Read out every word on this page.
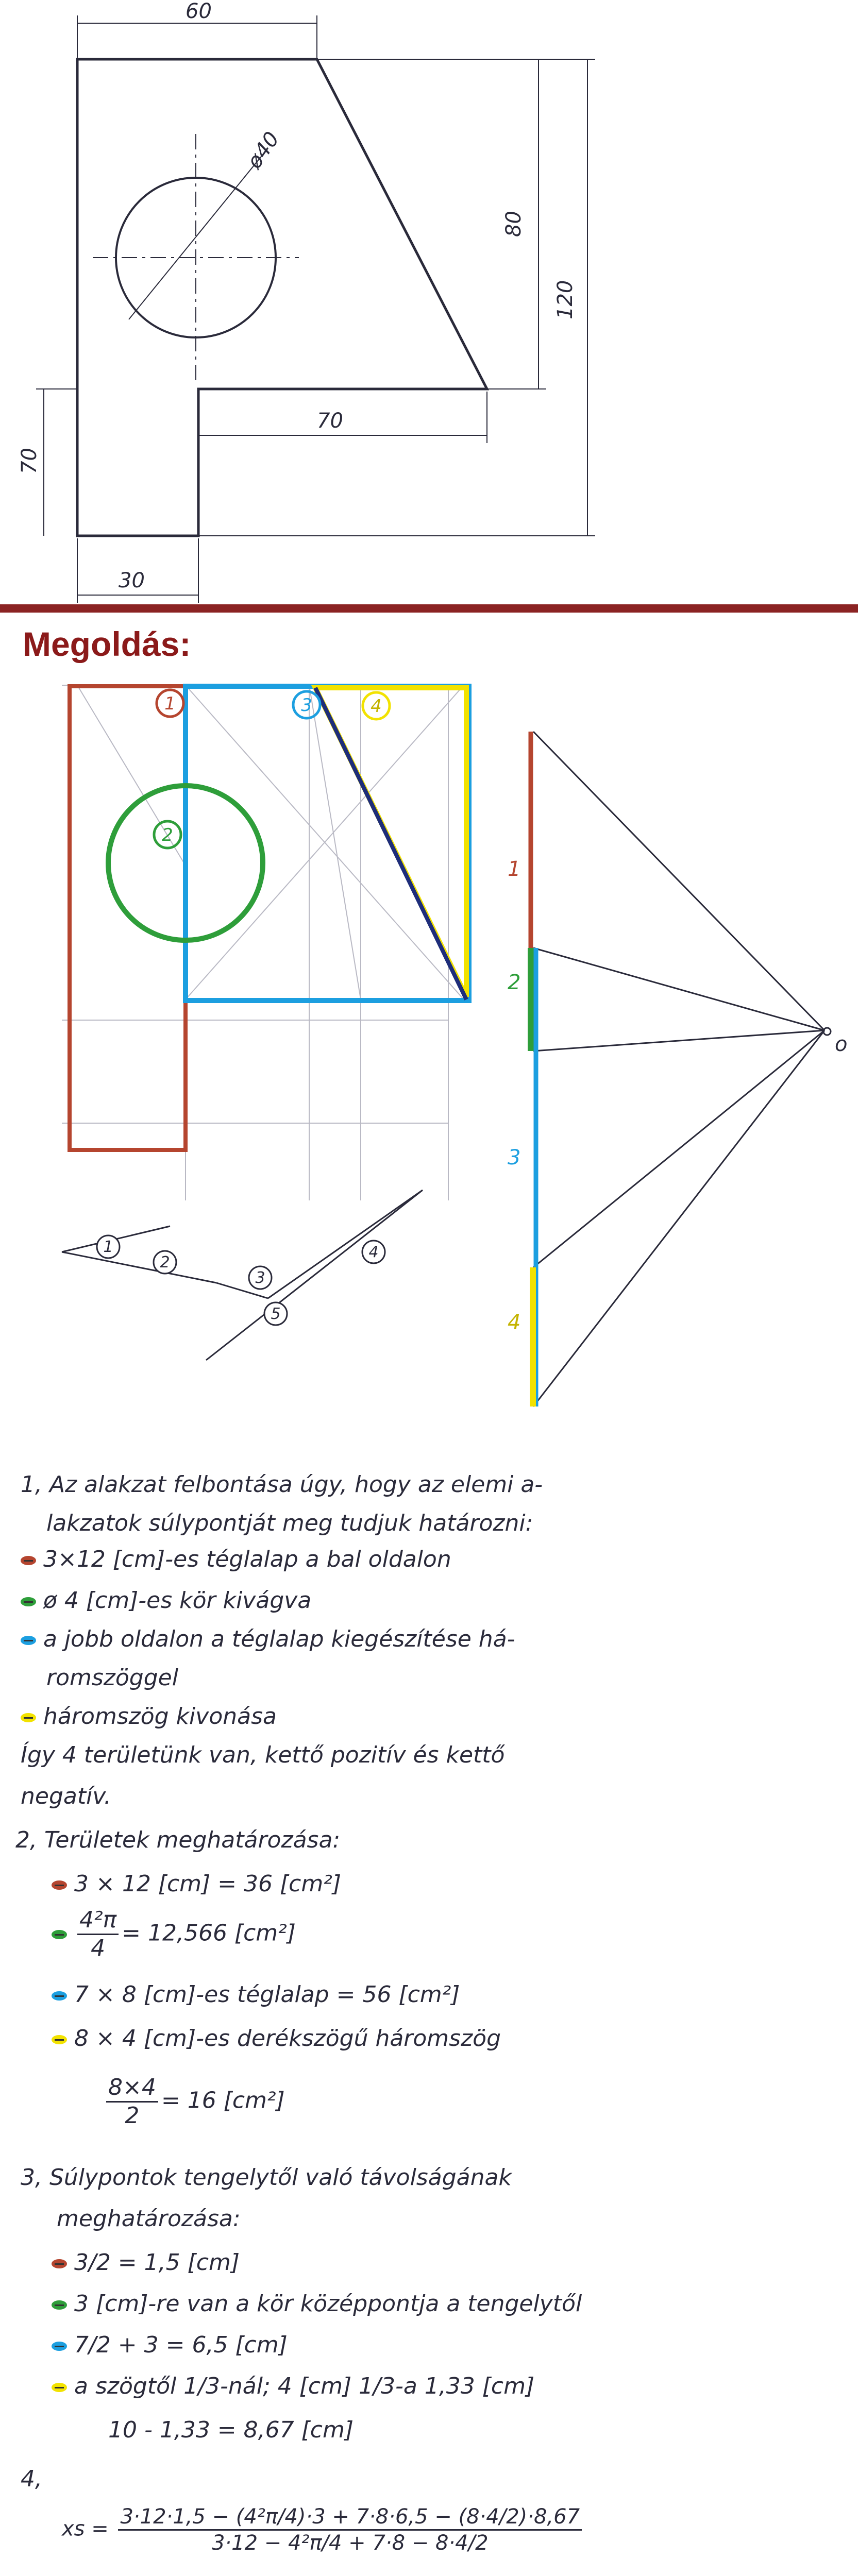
60
ø40
80
120
70
70
30
Megoldás:
1
2
3	4
o
1
2
3
4
1
2
3
4
5
1, Az alakzat felbontása úgy, hogy az elemi a-
lakzatok súlypontját meg tudjuk határozni:
3×12 [cm]-es téglalap a bal oldalon
ø 4 [cm]-es kör kivágva
a jobb oldalon a téglalap kiegészítése há-
romszöggel
háromszög kivonása
Így 4 területünk van, kettő pozitív és kettő
negatív.
2, Területek meghatározása:
3 × 12 [cm] = 36 [cm²]
$\frac{\text{4²π}}{4} = 12,566$ [cm²]
7 × 8 [cm]-es téglalap = 56 [cm²]
8 × 4 [cm]-es derékszögű háromszög
$\frac{8\times 4}{2} = 16$ [cm²]
3, Súlypontok tengelytől való távolságának
meghatározása:
3/2 = 1,5 [cm]
3 [cm]-re van a kör középpontja a tengelytől
7/2 + 3 = 6,5 [cm]
a szögtől 1/3-nál; 4 [cm] 1/3-a 1,33 [cm]
10 - 1,33 = 8,67 [cm]
4,
xs = $\frac{\text{3·12·1,5 − (4²π/4)·3 + 7·8·6,5 − (8·4/2)·8,67}}{\text{3·12 − 4²π/4 + 7·8 − 8·4/2}}$
